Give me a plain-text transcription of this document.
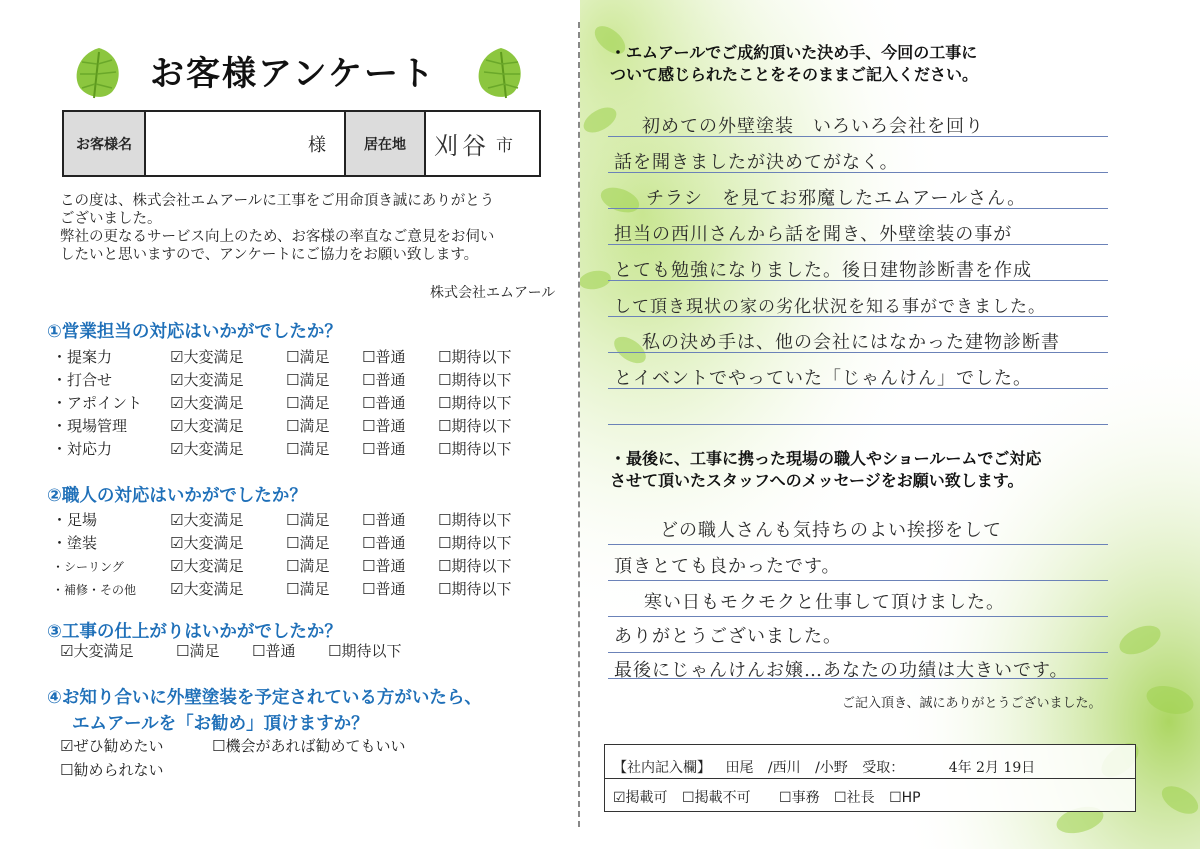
お客様アンケート
お客様名	様	居在地	刈谷 市
この度は、株式会社エムアールに工事をご用命頂き誠にありがとう
ございました。
弊社の更なるサービス向上のため、お客様の率直なご意見をお伺い
したいと思いますので、アンケートにご協力をお願い致します。
株式会社エムアール
①営業担当の対応はいかがでしたか？
・提案力	☑大変満足	☐満足 ☐普通 ☐期待以下
・打合せ	☑大変満足	☐満足 ☐普通 ☐期待以下
・アポイント ☑大変満足	☐満足 ☐普通 ☐期待以下
・現場管理	☑大変満足	☐満足 ☐普通 ☐期待以下
・対応力	☑大変満足	☐満足 ☐普通 ☐期待以下
②職人の対応はいかがでしたか？
・足場	☑大変満足	☐満足 ☐普通 ☐期待以下
・塗装	☑大変満足	☐満足 ☐普通 ☐期待以下
・シーリング	☑大変満足	☐満足 ☐普通 ☐期待以下
・補修・その他 ☑大変満足	☐満足 ☐普通 ☐期待以下
③工事の仕上がりはいかがでしたか？
☑大変満足	☐満足 ☐普通 ☐期待以下
④お知り合いに外壁塗装を予定されている方がいたら、
エムアールを「お勧め」頂けますか？
☑ぜひ勧めたい	☐機会があれば勧めてもいい
☐勧められない
・エムアールでご成約頂いた決め手、今回の工事に
ついて感じられたことをそのままご記入ください。
初めての外壁塗装　いろいろ会社を回り
話を聞きましたが決めてがなく。
チラシ　を見てお邪魔したエムアールさん。
担当の西川さんから話を聞き、外壁塗装の事が
とても勉強になりました。後日建物診断書を作成
して頂き現状の家の劣化状況を知る事ができました。
私の決め手は、他の会社にはなかった建物診断書
とイベントでやっていた「じゃんけん」でした。
・最後に、工事に携った現場の職人やショールームでご対応
させて頂いたスタッフへのメッセージをお願い致します。
どの職人さんも気持ちのよい挨拶をして
頂きとても良かったです。
寒い日もモクモクと仕事して頂けました。
ありがとうございました。
最後にじゃんけんお嬢…あなたの功績は大きいです。
ご記入頂き、誠にありがとうございました。
【社内記入欄】 田尾 /西川 /小野 受取：	4年 2月 19日
☑掲載可 ☐掲載不可 ☐事務 ☐社長 ☐HP
